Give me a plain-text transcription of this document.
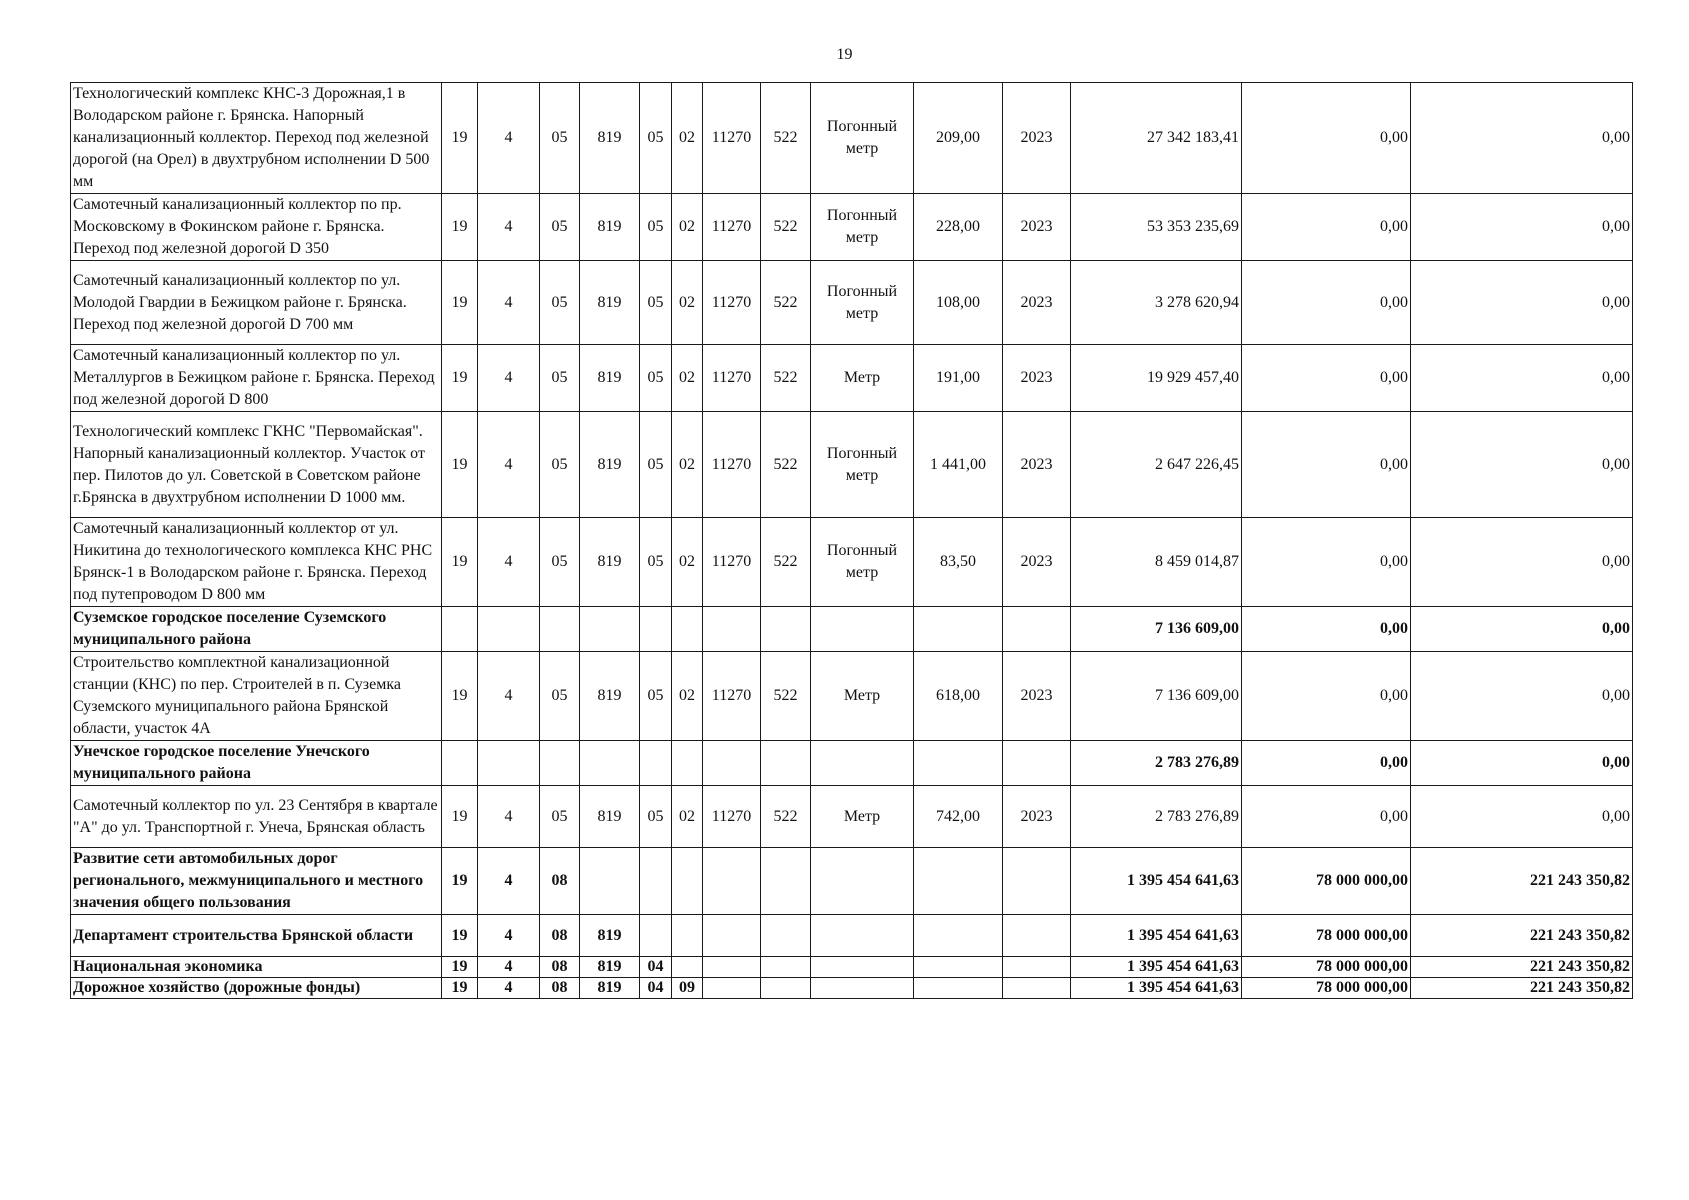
19
Технологический комплекс КНС-3 Дорожная,1 в Володарском районе г. Брянска. Напорный канализационный коллектор. Переход под железной дорогой (на Орел) в двухтрубном исполнении D 500 мм	19	4	05	819	05	02	11270	522	Погонный метр	209,00	2023	27 342 183,41	0,00	0,00
Самотечный канализационный коллектор по пр. Московскому в Фокинском районе г. Брянска. Переход под железной дорогой D 350	19	4	05	819	05	02	11270	522	Погонный метр	228,00	2023	53 353 235,69	0,00	0,00
Самотечный канализационный коллектор по ул. Молодой Гвардии в Бежицком районе г. Брянска. Переход под железной дорогой D 700 мм	19	4	05	819	05	02	11270	522	Погонный метр	108,00	2023	3 278 620,94	0,00	0,00
Самотечный канализационный коллектор по ул. Металлургов в Бежицком районе г. Брянска. Переход под железной дорогой D 800	19	4	05	819	05	02	11270	522	Метр	191,00	2023	19 929 457,40	0,00	0,00
Технологический комплекс ГКНС "Первомайская". Напорный канализационный коллектор. Участок от пер. Пилотов до ул. Советской в Советском районе г.Брянска в двухтрубном исполнении D 1000 мм.	19	4	05	819	05	02	11270	522	Погонный метр	1 441,00	2023	2 647 226,45	0,00	0,00
Самотечный канализационный коллектор от ул. Никитина до технологического комплекса КНС РНС Брянск-1 в Володарском районе г. Брянска. Переход под путепроводом D 800 мм	19	4	05	819	05	02	11270	522	Погонный метр	83,50	2023	8 459 014,87	0,00	0,00
Суземское городское поселение Суземского муниципального района												7 136 609,00	0,00	0,00
Строительство комплектной канализационной станции (КНС) по пер. Строителей в п. Суземка Суземского муниципального района Брянской области, участок 4А	19	4	05	819	05	02	11270	522	Метр	618,00	2023	7 136 609,00	0,00	0,00
Унечское городское поселение Унечского муниципального района												2 783 276,89	0,00	0,00
Самотечный коллектор по ул. 23 Сентября в квартале "А" до ул. Транспортной г. Унеча, Брянская область	19	4	05	819	05	02	11270	522	Метр	742,00	2023	2 783 276,89	0,00	0,00
Развитие сети автомобильных дорог регионального, межмуниципального и местного значения общего пользования	19	4	08									1 395 454 641,63	78 000 000,00	221 243 350,82
Департамент строительства Брянской области	19	4	08	819								1 395 454 641,63	78 000 000,00	221 243 350,82
Национальная экономика	19	4	08	819	04							1 395 454 641,63	78 000 000,00	221 243 350,82
Дорожное хозяйство (дорожные фонды)	19	4	08	819	04	09						1 395 454 641,63	78 000 000,00	221 243 350,82
